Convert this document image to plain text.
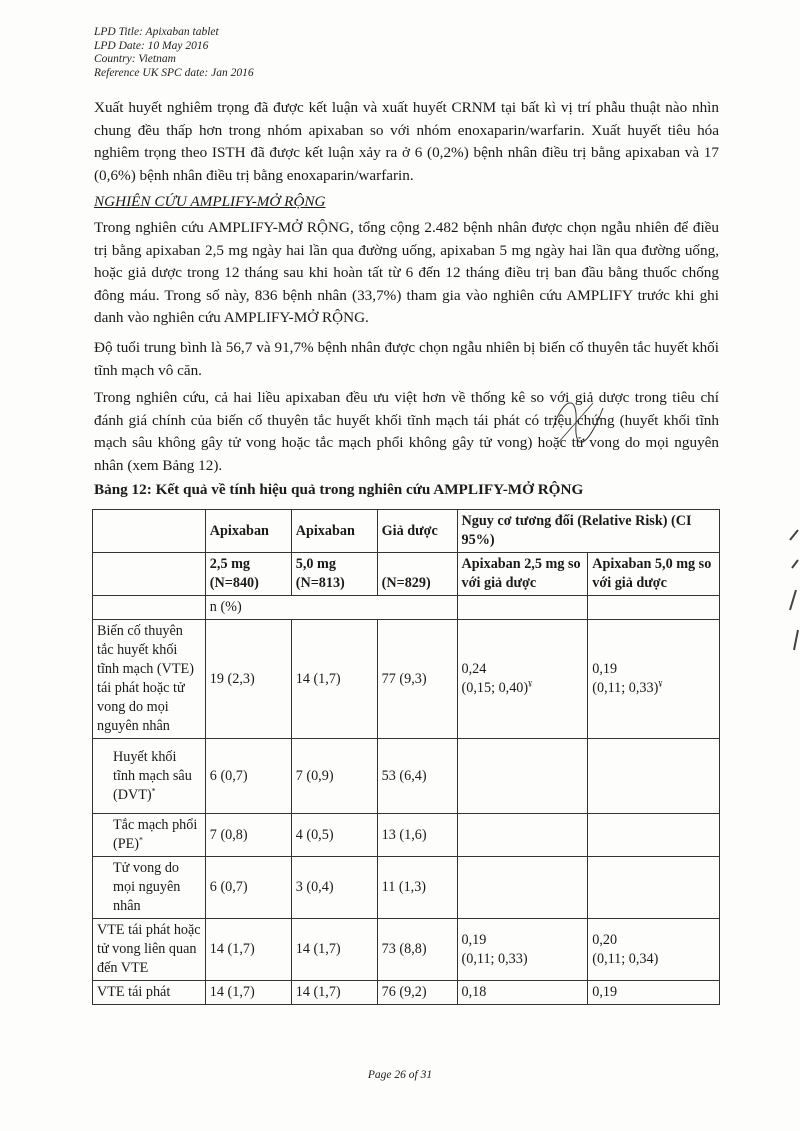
LPD Title: Apixaban tablet
LPD Date: 10 May 2016
Country: Vietnam
Reference UK SPC date: Jan 2016

Xuất huyết nghiêm trọng đã được kết luận và xuất huyết CRNM tại bất kì vị trí phẫu thuật nào nhìn chung đều thấp hơn trong nhóm apixaban so với nhóm enoxaparin/warfarin. Xuất huyết tiêu hóa nghiêm trọng theo ISTH đã được kết luận xảy ra ở 6 (0,2%) bệnh nhân điều trị bằng apixaban và 17 (0,6%) bệnh nhân điều trị bằng enoxaparin/warfarin.

NGHIÊN CỨU AMPLIFY-MỞ RỘNG

Trong nghiên cứu AMPLIFY-MỞ RỘNG, tổng cộng 2.482 bệnh nhân được chọn ngẫu nhiên để điều trị bằng apixaban 2,5 mg ngày hai lần qua đường uống, apixaban 5 mg ngày hai lần qua đường uống, hoặc giả dược trong 12 tháng sau khi hoàn tất từ 6 đến 12 tháng điều trị ban đầu bằng thuốc chống đông máu. Trong số này, 836 bệnh nhân (33,7%) tham gia vào nghiên cứu AMPLIFY trước khi ghi danh vào nghiên cứu AMPLIFY-MỞ RỘNG.

Độ tuổi trung bình là 56,7 và 91,7% bệnh nhân được chọn ngẫu nhiên bị biến cố thuyên tắc huyết khối tĩnh mạch vô căn.

Trong nghiên cứu, cả hai liều apixaban đều ưu việt hơn về thống kê so với giả dược trong tiêu chí đánh giá chính của biến cố thuyên tắc huyết khối tĩnh mạch tái phát có triệu chứng (huyết khối tĩnh mạch sâu không gây tử vong hoặc tắc mạch phổi không gây tử vong) hoặc tử vong do mọi nguyên nhân (xem Bảng 12).

Bảng 12: Kết quả về tính hiệu quả trong nghiên cứu AMPLIFY-MỞ RỘNG

	Apixaban	Apixaban	Giả dược	Nguy cơ tương đối (Relative Risk) (CI 95%)	
	2,5 mg (N=840)	5,0 mg (N=813)	(N=829)	Apixaban 2,5 mg so với giả dược	Apixaban 5,0 mg so với giả dược
	n (%)				
Biến cố thuyên tắc huyết khối tĩnh mạch (VTE) tái phát hoặc tử vong do mọi nguyên nhân	19 (2,3)	14 (1,7)	77 (9,3)	0,24
(0,15; 0,40)¥	0,19
(0,11; 0,33)¥
Huyết khối tĩnh mạch sâu (DVT)*	6 (0,7)	7 (0,9)	53 (6,4)		
Tắc mạch phổi (PE)*	7 (0,8)	4 (0,5)	13 (1,6)		
Tử vong do mọi nguyên nhân	6 (0,7)	3 (0,4)	11 (1,3)		
VTE tái phát hoặc tử vong liên quan đến VTE	14 (1,7)	14 (1,7)	73 (8,8)	0,19
(0,11; 0,33)	0,20
(0,11; 0,34)
VTE tái phát	14 (1,7)	14 (1,7)	76 (9,2)	0,18	0,19
Page 26 of 31
